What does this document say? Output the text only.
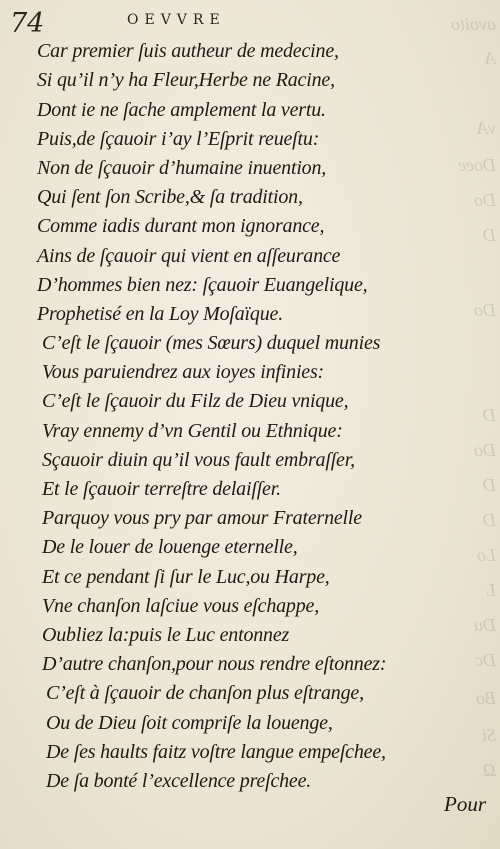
avoito
A
vA
Doee
Do
D
Do
D
Do
D
D
Lo
L
Du
Dc
Bo
Si
Ω
74	OEVVRE
Car premier ſuis autheur de medecine,
Si qu’il n’y ha Fleur,Herbe ne Racine,
Dont ie ne ſache amplement la vertu.
Puis,de ſçauoir i’ay l’Eſprit reueſtu:
Non de ſçauoir d’humaine inuention,
Qui ſent ſon Scribe,& ſa tradition,
Comme iadis durant mon ignorance,
Ains de ſçauoir qui vient en aſſeurance
D’hommes bien nez: ſçauoir Euangelique,
Prophetisé en la Loy Moſaïque.
C’eſt le ſçauoir (mes Sœurs) duquel munies
Vous paruiendrez aux ioyes infinies:
C’eſt le ſçauoir du Filz de Dieu vnique,
Vray ennemy d’vn Gentil ou Ethnique:
Sçauoir diuin qu’il vous fault embraſſer,
Et le ſçauoir terreſtre delaiſſer.
Parquoy vous pry par amour Fraternelle
De le louer de louenge eternelle,
Et ce pendant ſi ſur le Luc,ou Harpe,
Vne chanſon laſciue vous eſchappe,
Oubliez la:puis le Luc entonnez
D’autre chanſon,pour nous rendre eſtonnez:
C’eſt à ſçauoir de chanſon plus eſtrange,
Ou de Dieu ſoit compriſe la louenge,
De ſes haults faitz voſtre langue empeſchee,
De ſa bonté l’excellence preſchee.
Pour
